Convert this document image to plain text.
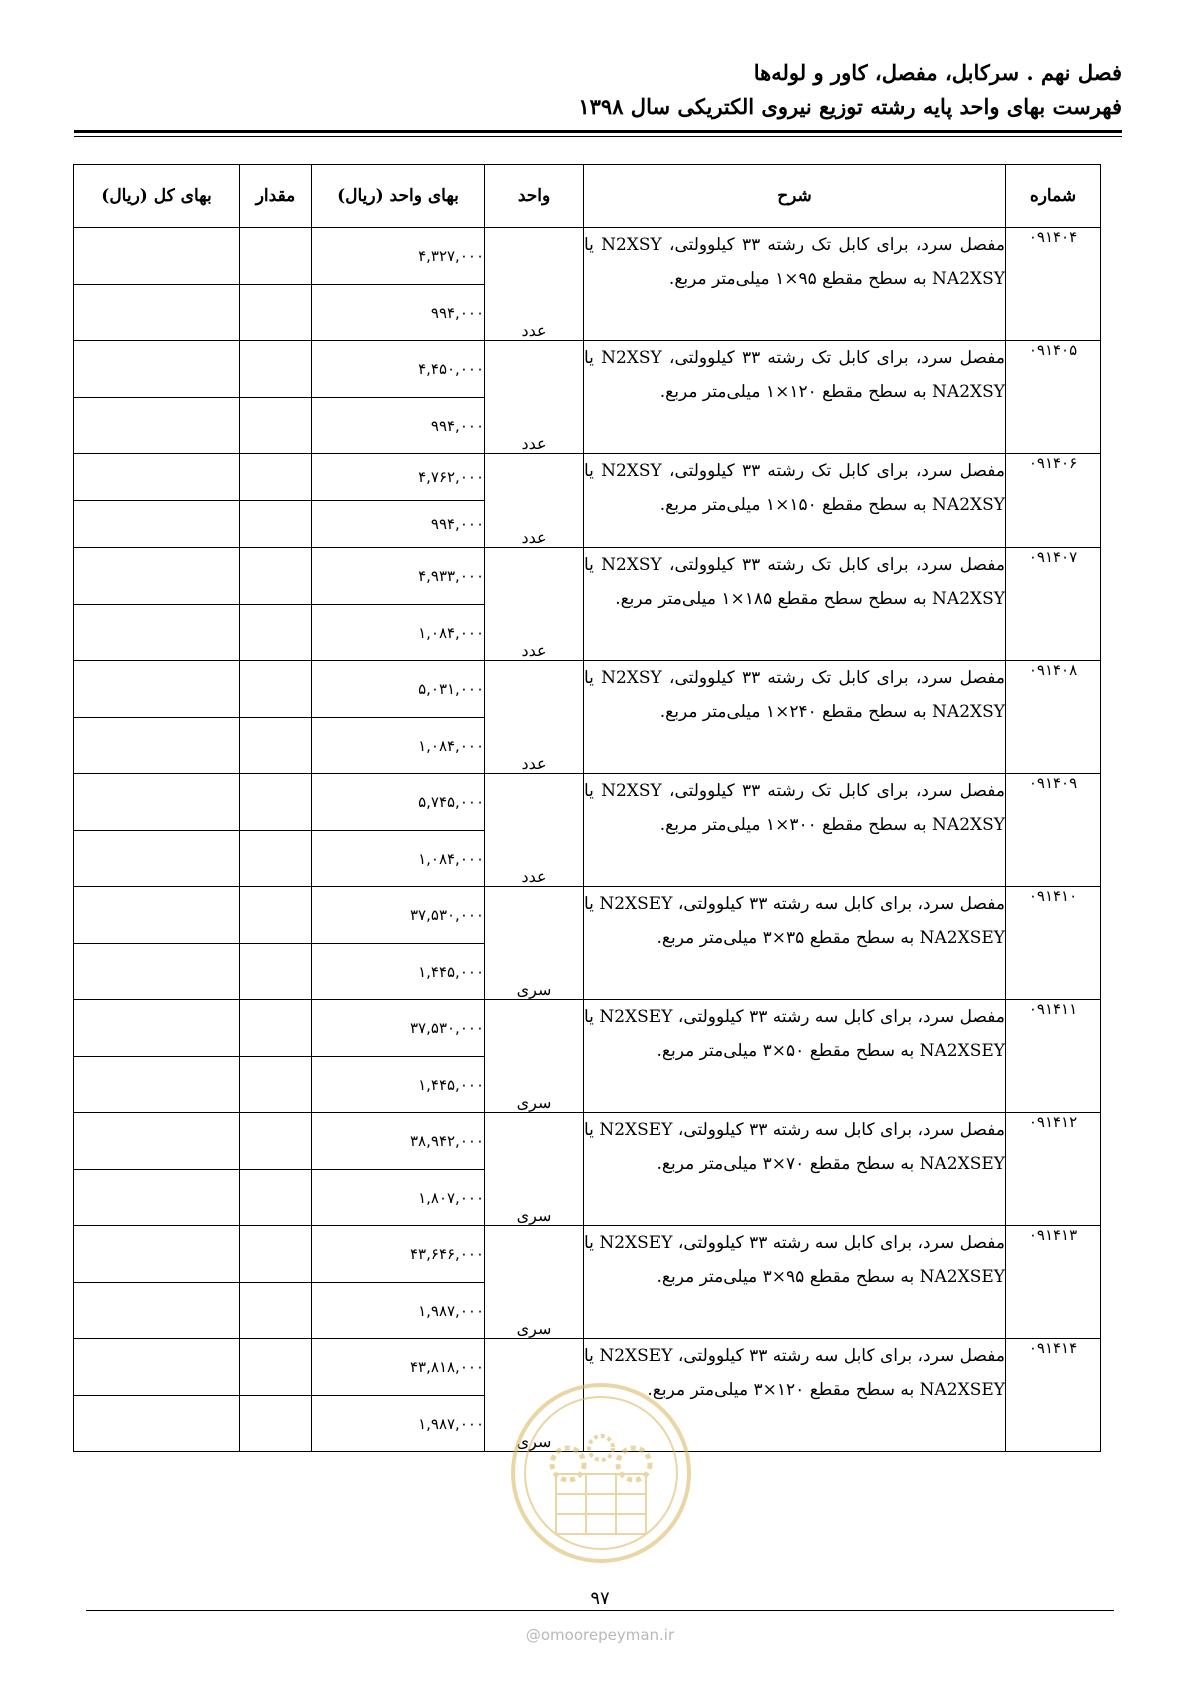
فصل نهم . سرکابل، مفصل، کاور و لوله‌ها
فهرست بهای واحد پایه رشته توزیع نیروی الکتریکی سال ۱۳۹۸
شماره	شرح	واحد	بهای واحد (ریال)	مقدار	بهای کل (ریال)
۰۹۱۴۰۴	مفصل سرد، برای کابل تک رشته ۳۳ کیلوولتی، N2XSY یا NA2XSY به سطح مقطع ۹۵×۱ میلی‌متر مربع.	عدد	۴,۳۲۷,۰۰۰		
			۹۹۴,۰۰۰		
۰۹۱۴۰۵	مفصل سرد، برای کابل تک رشته ۳۳ کیلوولتی، N2XSY یا NA2XSY به سطح مقطع ۱۲۰×۱ میلی‌متر مربع.	عدد	۴,۴۵۰,۰۰۰		
			۹۹۴,۰۰۰		
۰۹۱۴۰۶	مفصل سرد، برای کابل تک رشته ۳۳ کیلوولتی، N2XSY یا NA2XSY به سطح مقطع ۱۵۰×۱ میلی‌متر مربع.	عدد	۴,۷۶۲,۰۰۰		
			۹۹۴,۰۰۰		
۰۹۱۴۰۷	مفصل سرد، برای کابل تک رشته ۳۳ کیلوولتی، N2XSY یا NA2XSY به سطح سطح مقطع ۱۸۵×۱ میلی‌متر مربع.	عدد	۴,۹۳۳,۰۰۰		
			۱,۰۸۴,۰۰۰		
۰۹۱۴۰۸	مفصل سرد، برای کابل تک رشته ۳۳ کیلوولتی، N2XSY یا NA2XSY به سطح مقطع ۲۴۰×۱ میلی‌متر مربع.	عدد	۵,۰۳۱,۰۰۰		
			۱,۰۸۴,۰۰۰		
۰۹۱۴۰۹	مفصل سرد، برای کابل تک رشته ۳۳ کیلوولتی، N2XSY یا NA2XSY به سطح مقطع ۳۰۰×۱ میلی‌متر مربع.	عدد	۵,۷۴۵,۰۰۰		
			۱,۰۸۴,۰۰۰		
۰۹۱۴۱۰	مفصل سرد، برای کابل سه رشته ۳۳ کیلوولتی، N2XSEY یا NA2XSEY به سطح مقطع ۳۵×۳ میلی‌متر مربع.	سری	۳۷,۵۳۰,۰۰۰		
			۱,۴۴۵,۰۰۰		
۰۹۱۴۱۱	مفصل سرد، برای کابل سه رشته ۳۳ کیلوولتی، N2XSEY یا NA2XSEY به سطح مقطع ۵۰×۳ میلی‌متر مربع.	سری	۳۷,۵۳۰,۰۰۰		
			۱,۴۴۵,۰۰۰		
۰۹۱۴۱۲	مفصل سرد، برای کابل سه رشته ۳۳ کیلوولتی، N2XSEY یا NA2XSEY به سطح مقطع ۷۰×۳ میلی‌متر مربع.	سری	۳۸,۹۴۲,۰۰۰		
			۱,۸۰۷,۰۰۰		
۰۹۱۴۱۳	مفصل سرد، برای کابل سه رشته ۳۳ کیلوولتی، N2XSEY یا NA2XSEY به سطح مقطع ۹۵×۳ میلی‌متر مربع.	سری	۴۳,۶۴۶,۰۰۰		
			۱,۹۸۷,۰۰۰		
۰۹۱۴۱۴	مفصل سرد، برای کابل سه رشته ۳۳ کیلوولتی، N2XSEY یا NA2XSEY به سطح مقطع ۱۲۰×۳ میلی‌متر مربع.	سری	۴۳,۸۱۸,۰۰۰		
			۱,۹۸۷,۰۰۰		
۹۷
@omoorepeyman.ir
